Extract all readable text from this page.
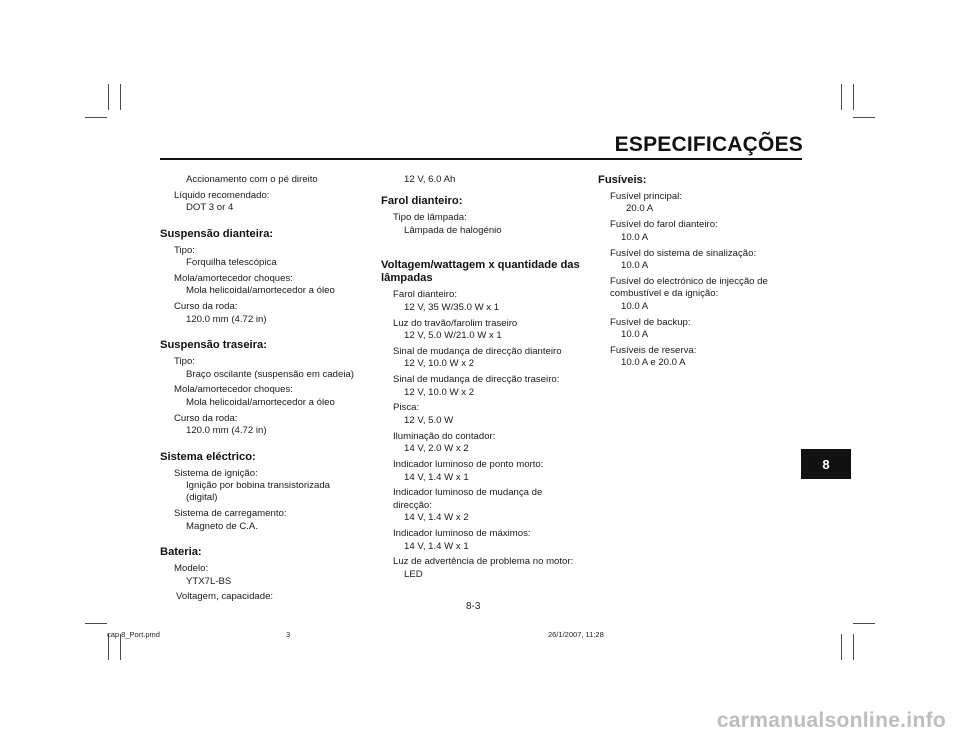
ESPECIFICAÇÕES

Accionamento com o pé direito

Líquido recomendado:

DOT 3 or 4

Suspensão dianteira:

Tipo:

Forquilha telescópica

Mola/amortecedor choques:

Mola helicoidal/amortecedor a óleo

Curso da roda:

120.0 mm (4.72 in)

Suspensão traseira:

Tipo:

Braço oscilante (suspensão em cadeia)

Mola/amortecedor choques:

Mola helicoidal/amortecedor a óleo

Curso da roda:

120.0 mm (4.72 in)

Sistema eléctrico:

Sistema de ignição:

Ignição por bobina transistorizada

(digital)

Sistema de carregamento:

Magneto de C.A.

Bateria:

Modelo:

YTX7L-BS

Voltagem, capacidade:

12 V, 6.0 Ah

Farol dianteiro:

Tipo de lâmpada:

Lâmpada de halogénio

Voltagem/wattagem x quantidade das
lâmpadas

Farol dianteiro:

12 V, 35 W/35.0 W x 1

Luz do travão/farolim traseiro

12 V, 5.0 W/21.0 W x 1

Sinal de mudança de direcção dianteiro

12 V, 10.0 W x 2

Sinal de mudança de direcção traseiro:

12 V, 10.0 W x 2

Pisca:

12 V, 5.0 W

Iluminação do contador:

14 V, 2.0 W x 2

Indicador luminoso de ponto morto:

14 V, 1.4 W x 1

Indicador luminoso de mudança de

direcção:

14 V, 1.4 W x 2

Indicador luminoso de máximos:

14 V, 1.4 W x 1

Luz de advertência de problema no motor:

LED

Fusíveis:

Fusível principal:

20.0 A

Fusível do farol dianteiro:

10.0 A

Fusível do sistema de sinalização:

10.0 A

Fusível do electrónico de injecção de

combustível e da ignição:

10.0 A

Fusível de backup:

10.0 A

Fusíveis de reserva:

10.0 A e 20.0 A

8
8-3
cap 8_Port.pmd	3	26/1/2007, 11:28
carmanualsonline.info
